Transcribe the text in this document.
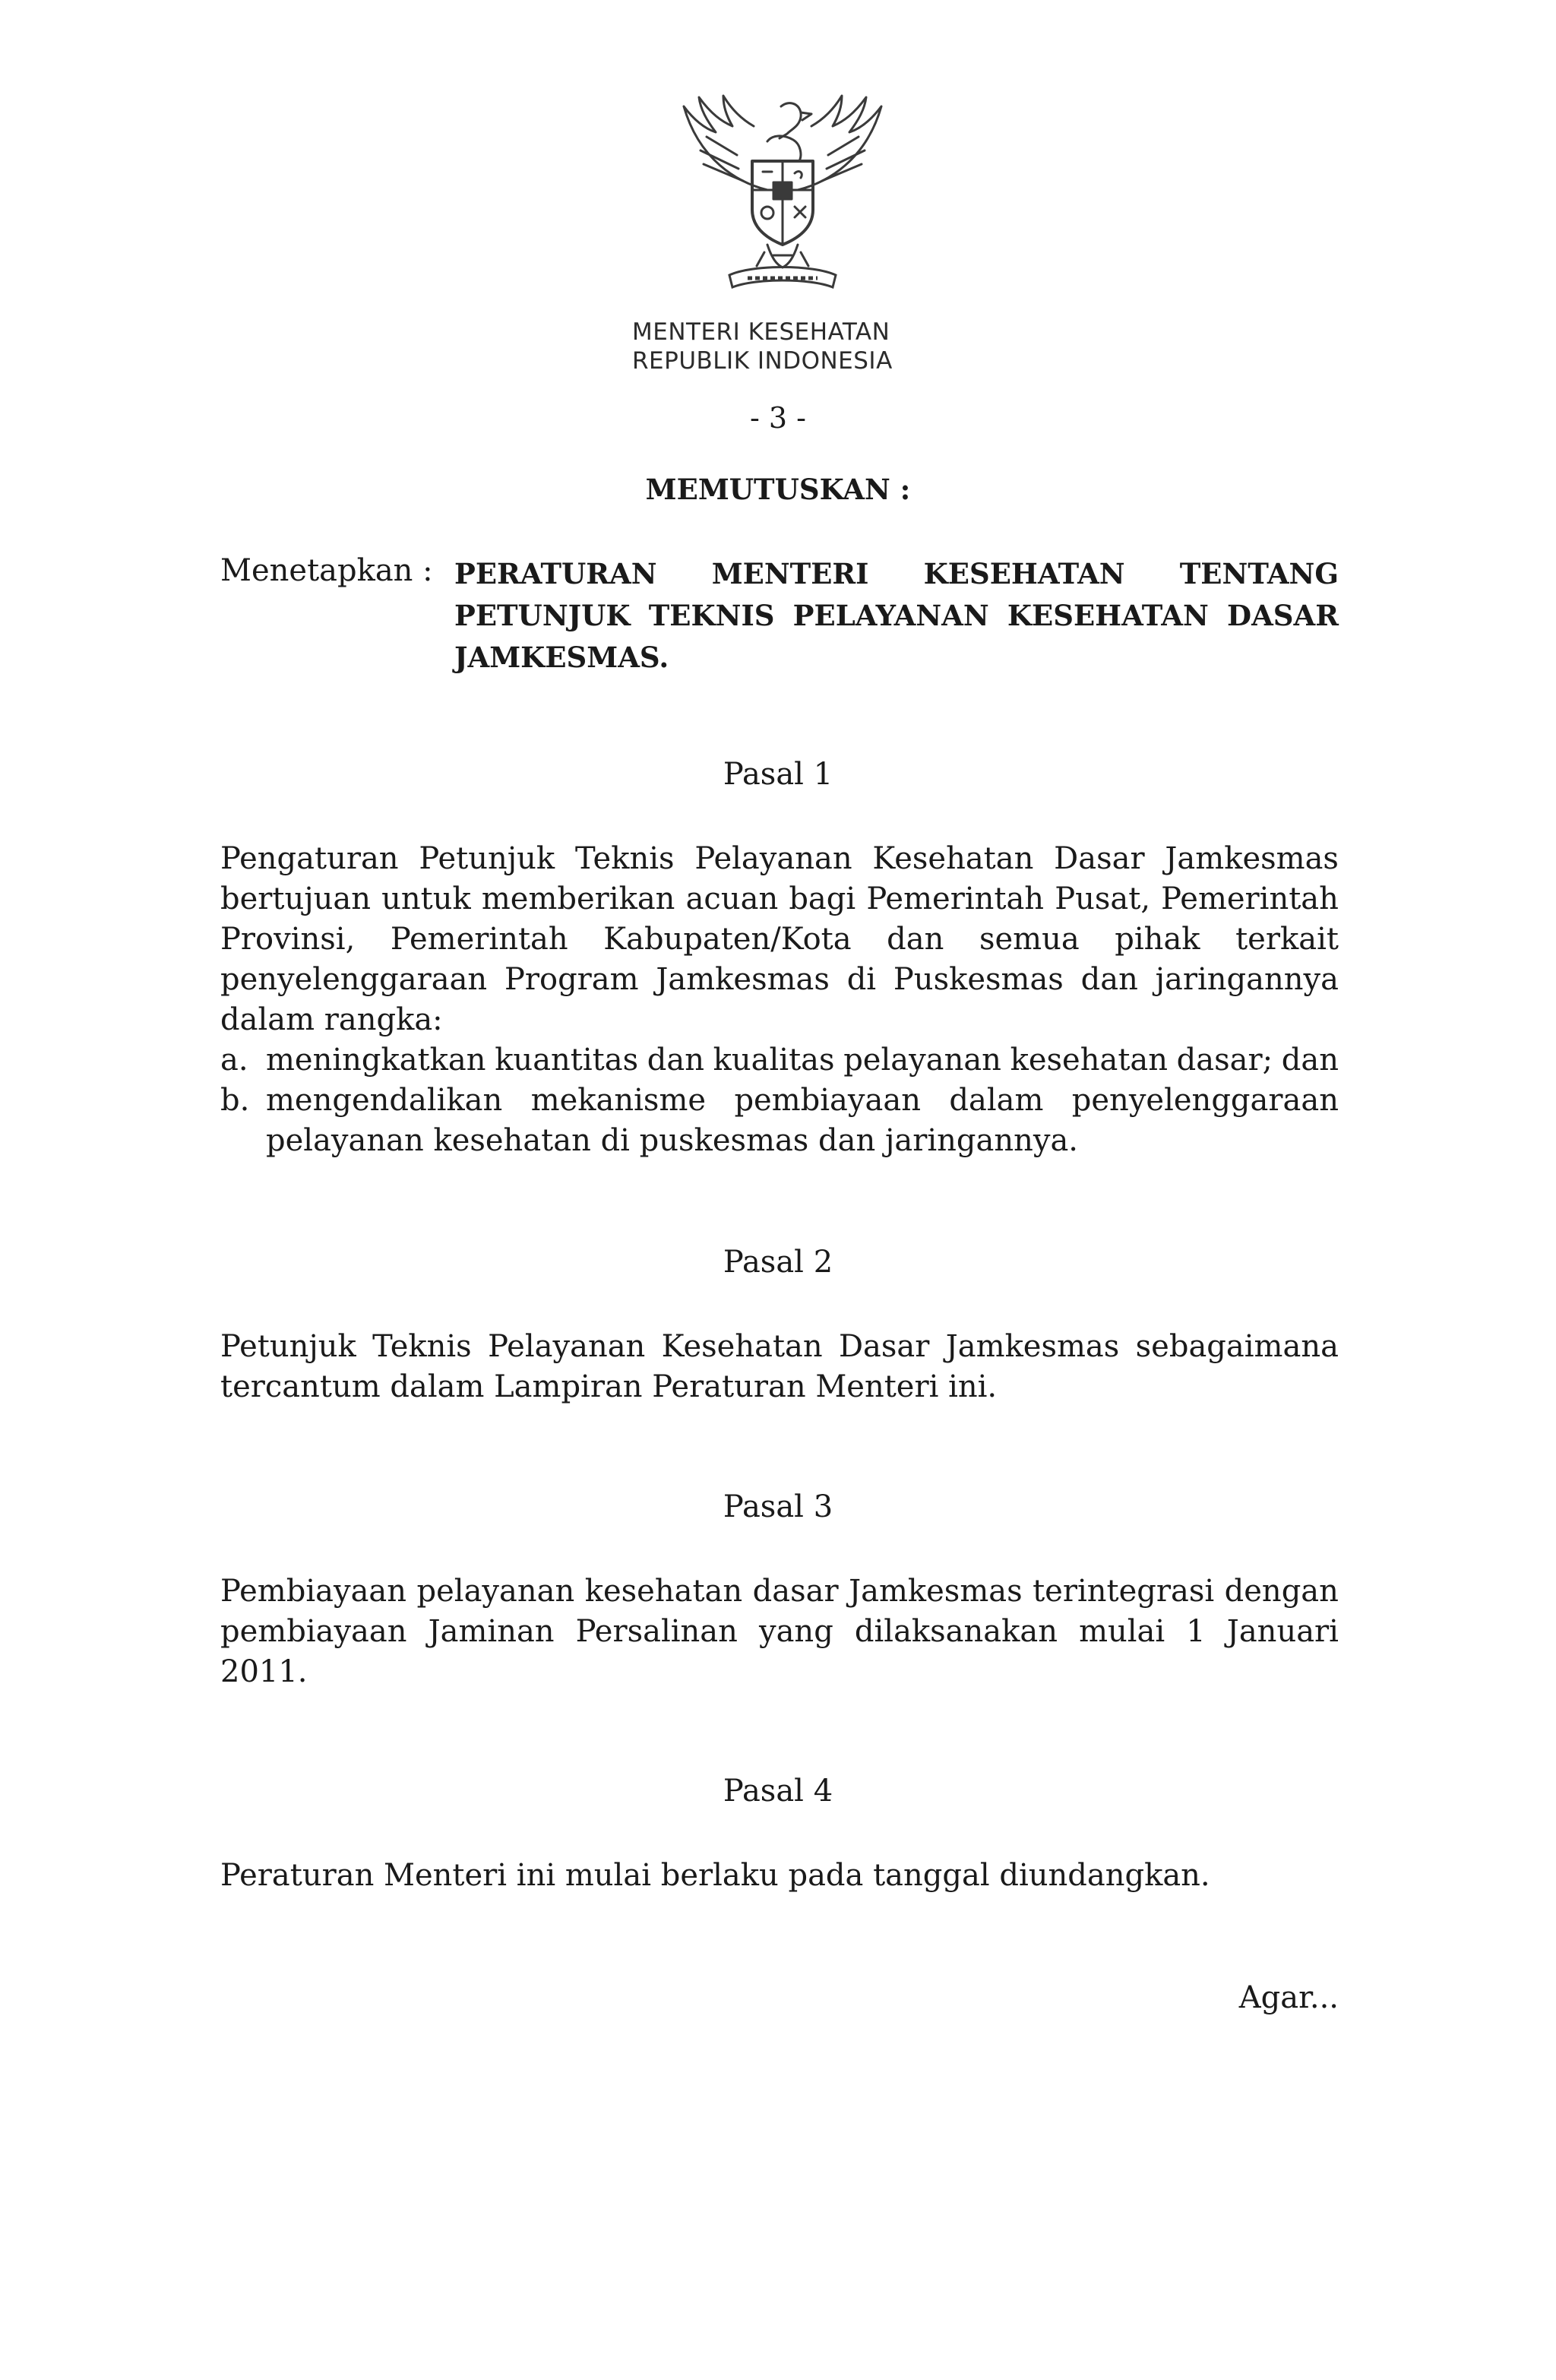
MENTERI KESEHATAN
REPUBLIK INDONESIA
- 3 -
MEMUTUSKAN :
Menetapkan : PERATURAN MENTERI KESEHATAN TENTANG
PETUNJUK TEKNIS PELAYANAN KESEHATAN DASAR
JAMKESMAS.
Pasal 1
Pengaturan Petunjuk Teknis Pelayanan Kesehatan Dasar Jamkesmas
bertujuan untuk memberikan acuan bagi Pemerintah Pusat, Pemerintah
Provinsi, Pemerintah Kabupaten/Kota dan semua pihak terkait
penyelenggaraan Program Jamkesmas di Puskesmas dan jaringannya
dalam rangka:
a. meningkatkan kuantitas dan kualitas pelayanan kesehatan dasar; dan
b. mengendalikan mekanisme pembiayaan dalam penyelenggaraan
pelayanan kesehatan di puskesmas dan jaringannya.
Pasal 2
Petunjuk Teknis Pelayanan Kesehatan Dasar Jamkesmas sebagaimana
tercantum dalam Lampiran Peraturan Menteri ini.
Pasal 3
Pembiayaan pelayanan kesehatan dasar Jamkesmas terintegrasi dengan
pembiayaan Jaminan Persalinan yang dilaksanakan mulai 1 Januari
2011.
Pasal 4
Peraturan Menteri ini mulai berlaku pada tanggal diundangkan.
Agar...
